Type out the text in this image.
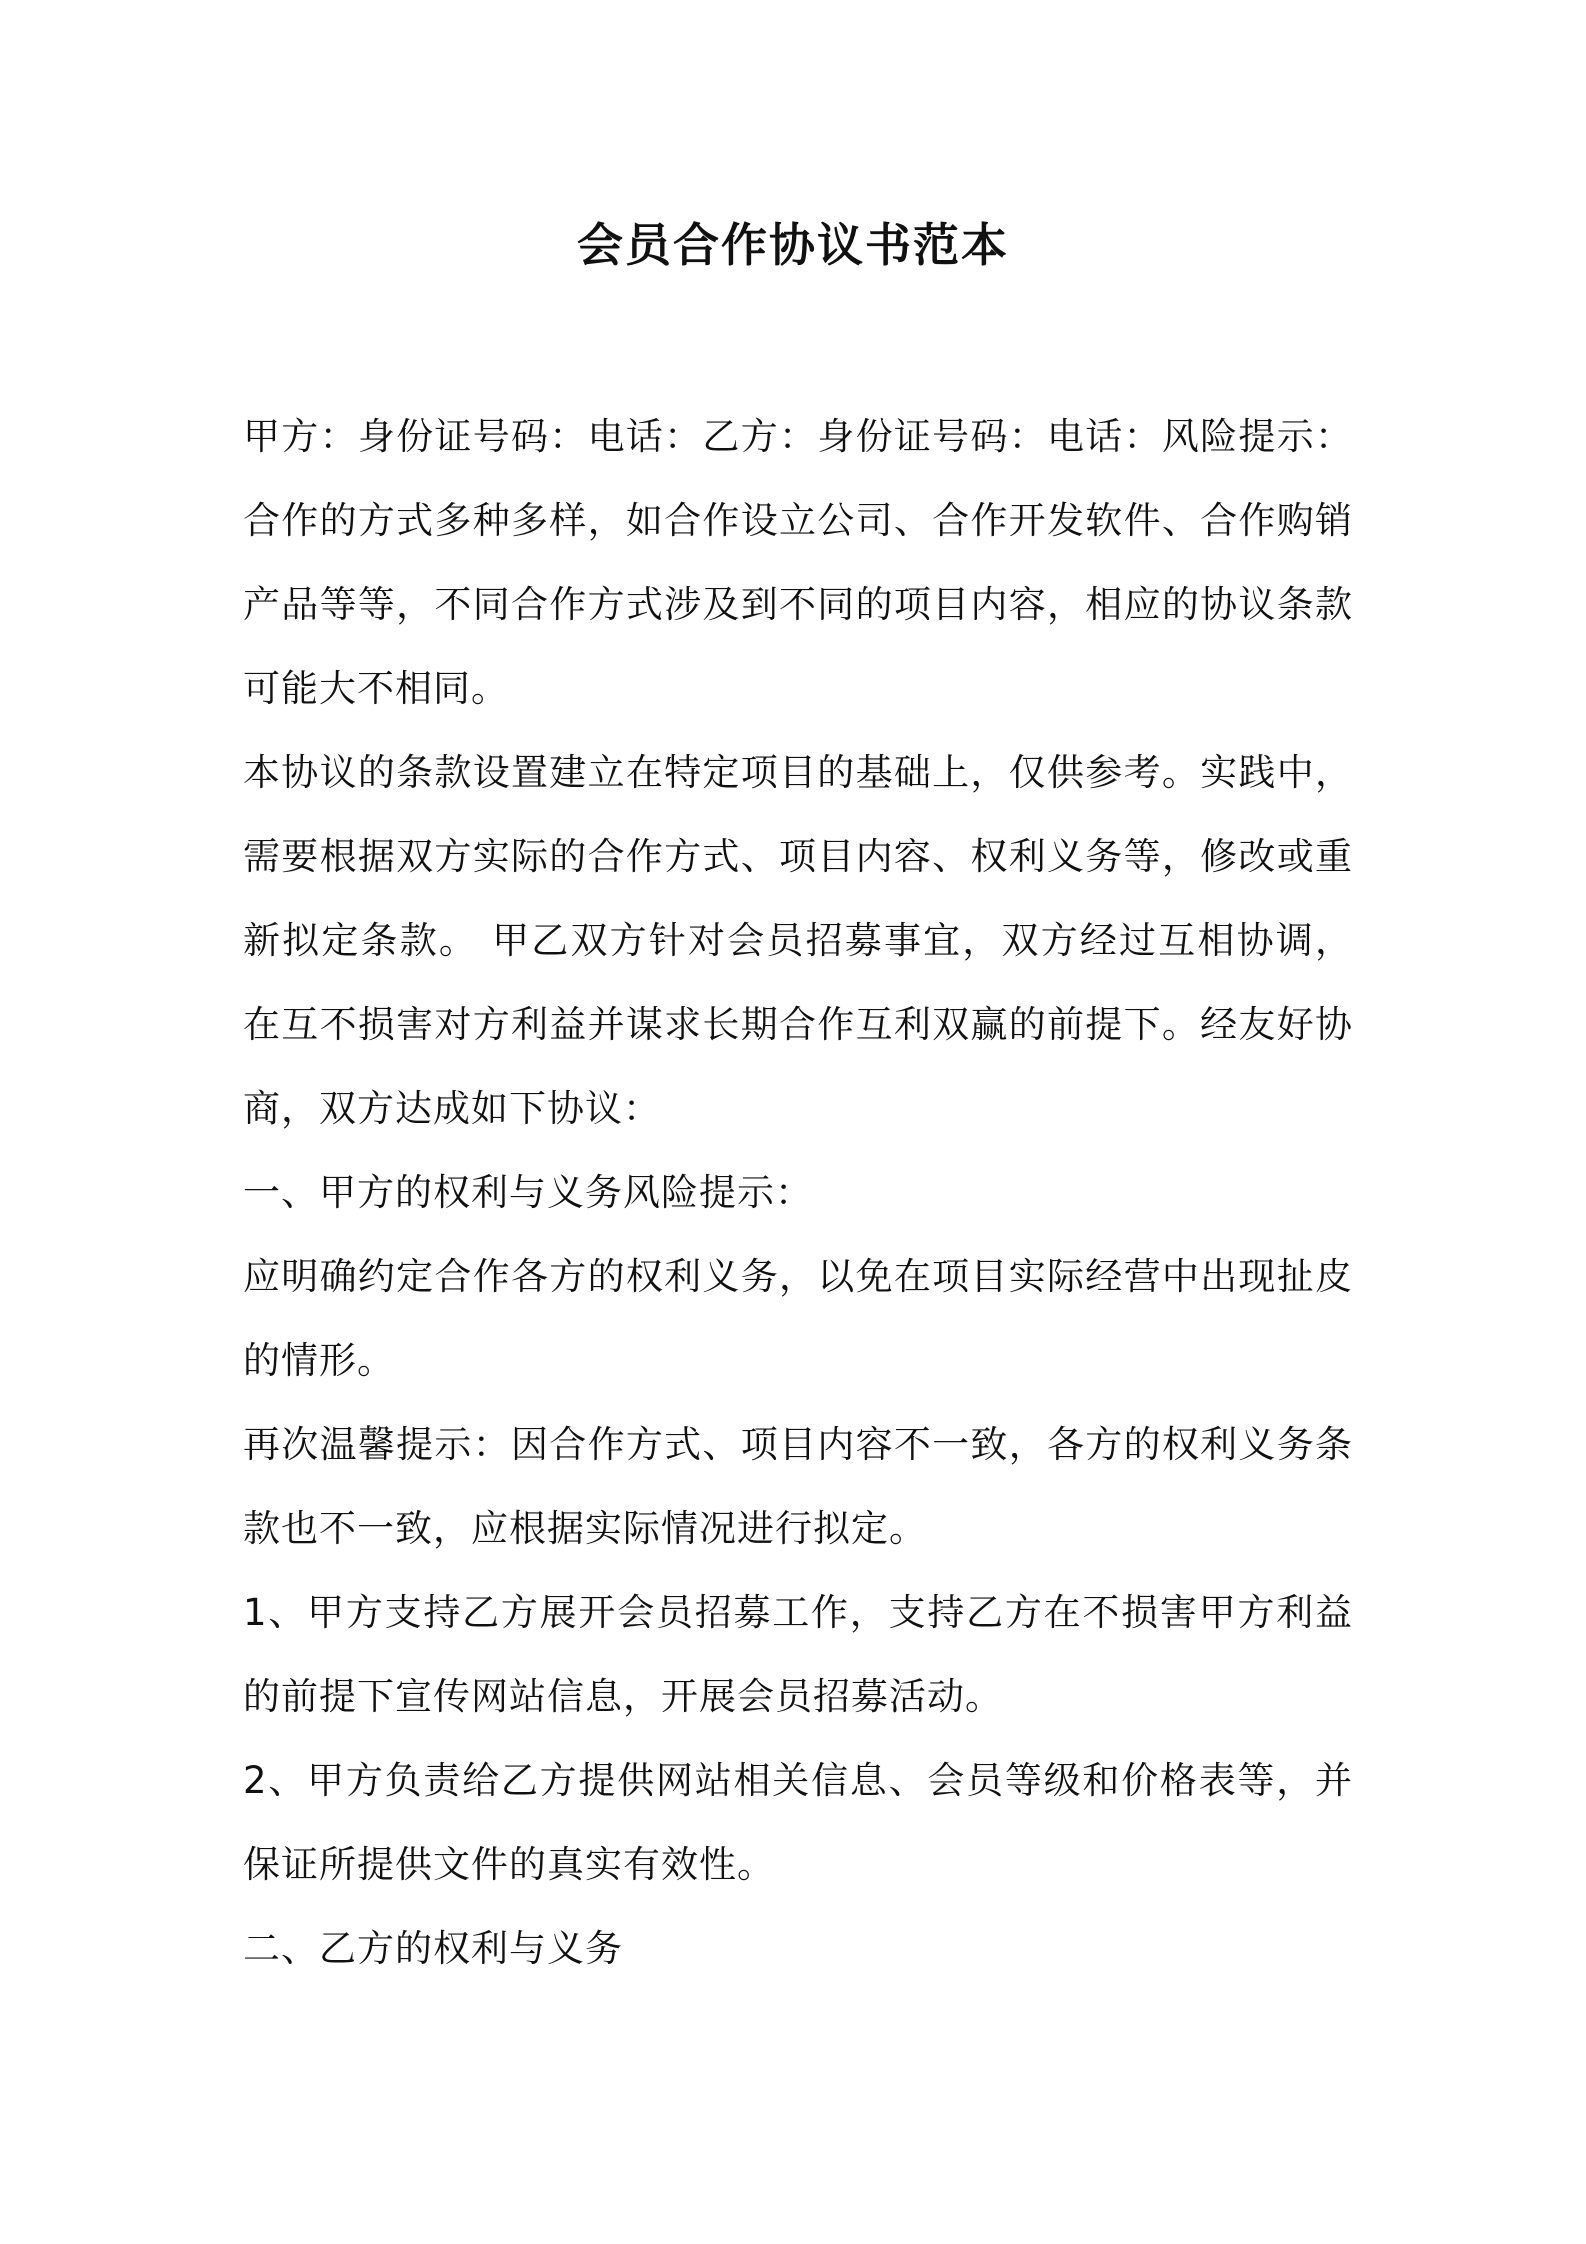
会员合作协议书范本

甲方：身份证号码：电话：乙方：身份证号码：电话：风险提示：合作的方式多种多样，如合作设立公司、合作开发软件、合作购销产品等等，不同合作方式涉及到不同的项目内容，相应的协议条款可能大不相同。

本协议的条款设置建立在特定项目的基础上，仅供参考。实践中，需要根据双方实际的合作方式、项目内容、权利义务等，修改或重新拟定条款。 甲乙双方针对会员招募事宜，双方经过互相协调，在互不损害对方利益并谋求长期合作互利双赢的前提下。经友好协商，双方达成如下协议：

一、甲方的权利与义务风险提示：

应明确约定合作各方的权利义务，以免在项目实际经营中出现扯皮的情形。

再次温馨提示：因合作方式、项目内容不一致，各方的权利义务条款也不一致，应根据实际情况进行拟定。

1、甲方支持乙方展开会员招募工作，支持乙方在不损害甲方利益的前提下宣传网站信息，开展会员招募活动。

2、甲方负责给乙方提供网站相关信息、会员等级和价格表等，并保证所提供文件的真实有效性。

二、乙方的权利与义务
